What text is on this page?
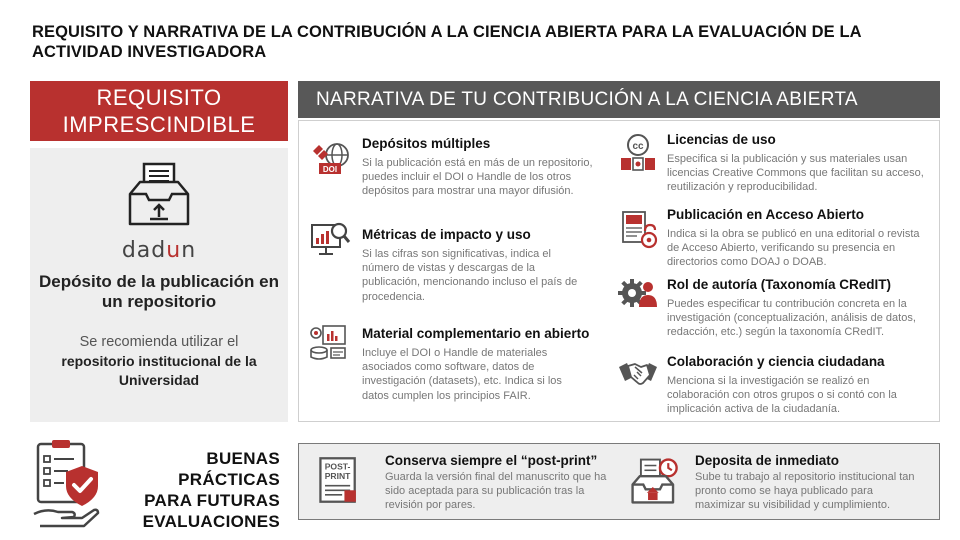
REQUISITO Y NARRATIVA DE LA CONTRIBUCIÓN A LA CIENCIA ABIERTA PARA LA EVALUACIÓN DE LA ACTIVIDAD INVESTIGADORA
REQUISITO
IMPRESCINDIBLE
dadun
Depósito de la publicación en un repositorio
Se recomienda utilizar el
repositorio institucional de la Universidad
NARRATIVA DE TU CONTRIBUCIÓN A LA CIENCIA ABIERTA
DOI
Depósitos múltiples
Si la publicación está en más de un repositorio, puedes incluir el DOI o Handle de los otros depósitos para mostrar una mayor difusión.
Métricas de impacto y uso
Si las cifras son significativas, indica el número de vistas y descargas de la publicación, mencionando incluso el país de procedencia.
Material complementario en abierto
Incluye el DOI o Handle de materiales asociados como software, datos de investigación (datasets), etc. Indica si los datos cumplen los principios FAIR.
cc Licencias de uso
Especifica si la publicación y sus materiales usan licencias Creative Commons que facilitan su acceso, reutilización y reproducibilidad.
Publicación en Acceso Abierto
Indica si la obra se publicó en una editorial o revista de Acceso Abierto, verificando su presencia en directorios como DOAJ o DOAB.
Rol de autoría (Taxonomía CRedIT)
Puedes especificar tu contribución concreta en la investigación (conceptualización, análisis de datos, redacción, etc.) según la taxonomía CRedIT.
Colaboración y ciencia ciudadana
Menciona si la investigación se realizó en colaboración con otros grupos o si contó con la implicación activa de la ciudadanía.
BUENAS PRÁCTICAS
PARA FUTURAS
EVALUACIONES
POST-
PRINT
Conserva siempre el “post-print”
Guarda la versión final del manuscrito que ha sido aceptada para su publicación tras la revisión por pares.
Deposita de inmediato
Sube tu trabajo al repositorio institucional tan pronto como se haya publicado para maximizar su visibilidad y cumplimiento.
